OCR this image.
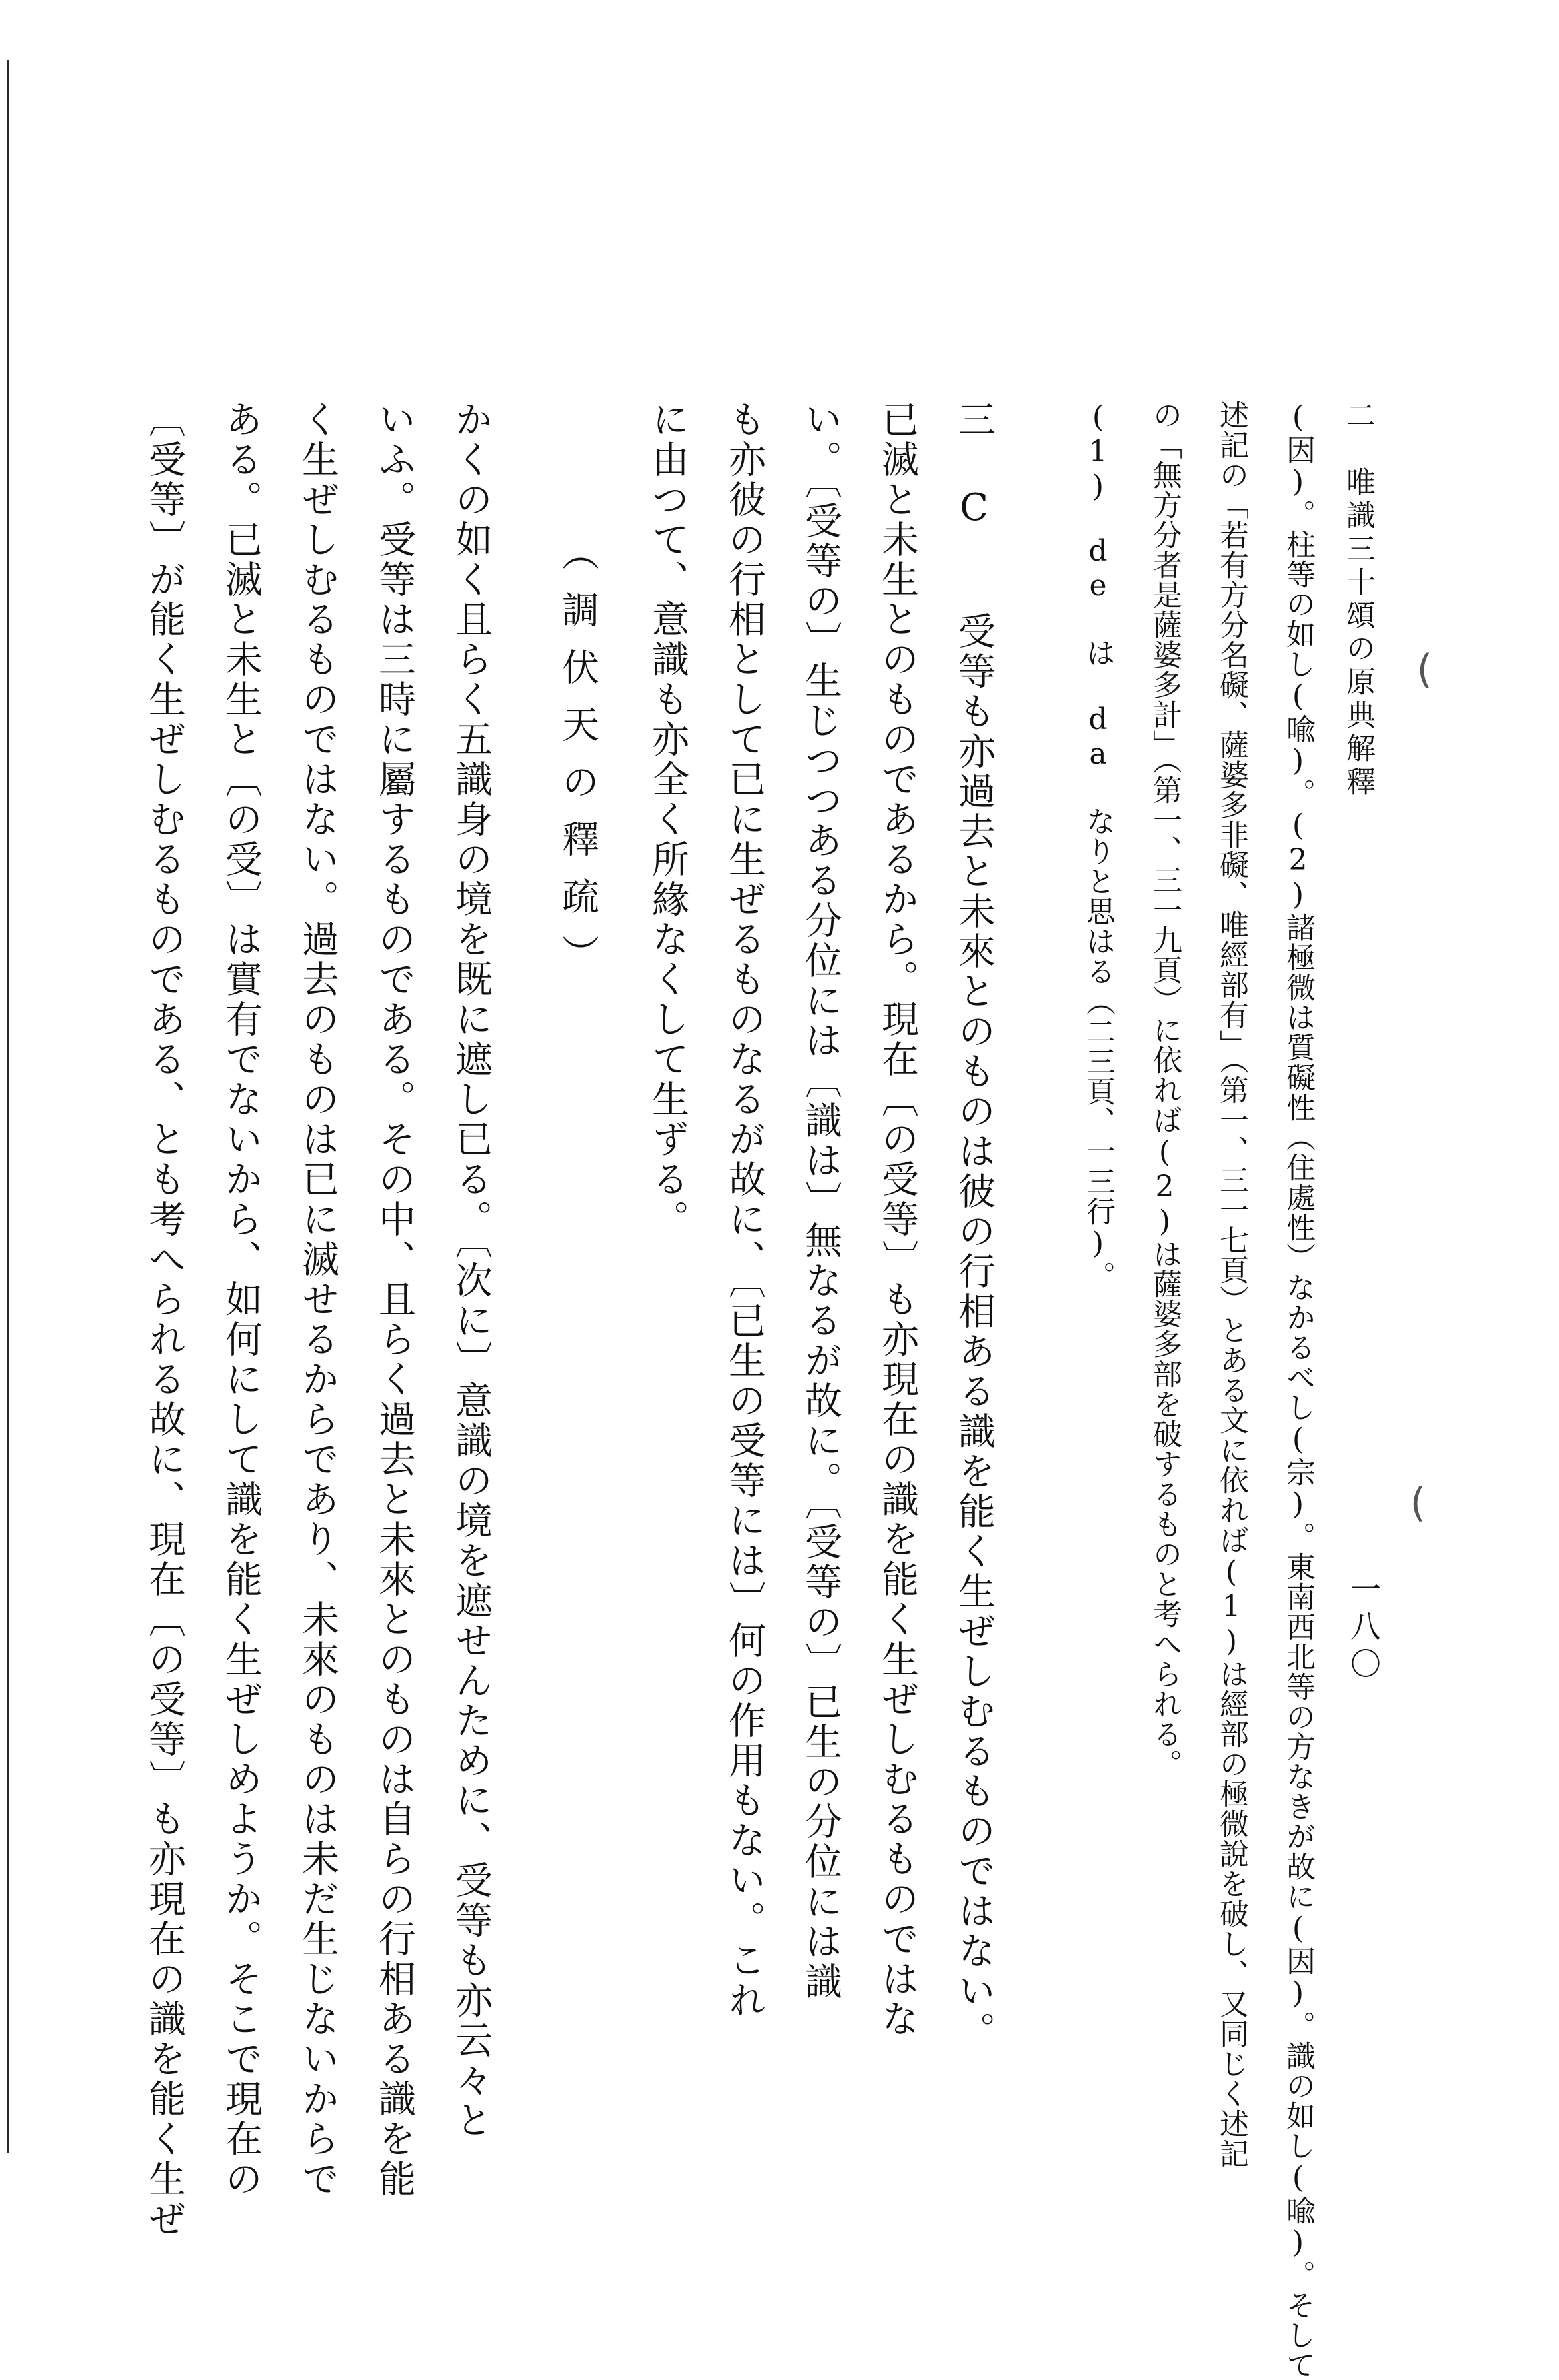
一八〇
二　唯識三十頌の原典解釋
(因)。柱等の如し(喩)。(2)諸極微は質礙性（住處性）なかるべし(宗)。東南西北等の方なきが故に(因)。識の如し(喩)。そして
述記の「若有方分名礙、薩婆多非礙、唯經部有」（第一、三一七頁）とある文に依れば(1)は經部の極微說を破し、又同じく述記
の「無方分者是薩婆多計」（第一、三一九頁）に依れば(2)は薩婆多部を破するものと考へられる。
(1)　de は da なりと思はる（二三頁、一三行)。
三 C　　受等も亦過去と未來とのものは彼の行相ある識を能く生ぜしむるものではない。
已滅と未生とのものであるから。現在〔の受等〕も亦現在の識を能く生ぜしむるものではな
い。〔受等の〕生じつつある分位には〔識は〕無なるが故に。〔受等の〕已生の分位には識
も亦彼の行相として已に生ぜるものなるが故に、〔已生の受等には〕何の作用もない。これ
に由つて、意識も亦全く所緣なくして生ずる。
（調伏天の釋疏）
かくの如く且らく五識身の境を既に遮し已る。〔次に〕意識の境を遮せんために、受等も亦云々と
いふ。受等は三時に屬するものである。その中、且らく過去と未來とのものは自らの行相ある識を能
く生ぜしむるものではない。過去のものは已に滅せるからであり、未來のものは未だ生じないからで
ある。已滅と未生と〔の受〕は實有でないから、如何にして識を能く生ぜしめようか。そこで現在の
〔受等〕が能く生ぜしむるものである、とも考へられる故に、現在〔の受等〕も亦現在の識を能く生ぜ	(
(
